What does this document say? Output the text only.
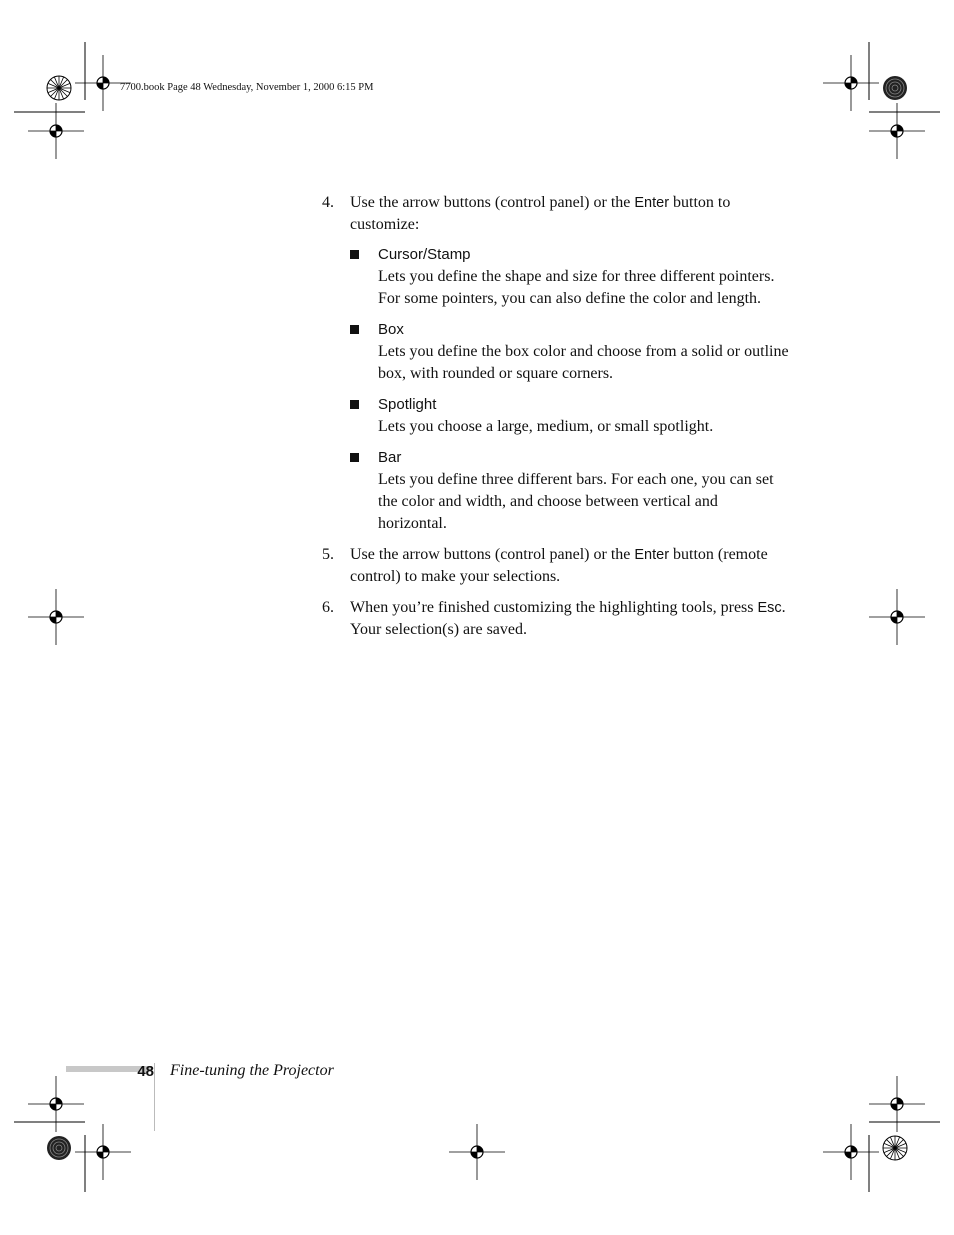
7700.book Page 48 Wednesday, November 1, 2000 6:15 PM
4. Use the arrow buttons (control panel) or the Enter button to customize:
Cursor/Stamp
Lets you define the shape and size for three different pointers. For some pointers, you can also define the color and length.
Box
Lets you define the box color and choose from a solid or outline box, with rounded or square corners.
Spotlight
Lets you choose a large, medium, or small spotlight.
Bar
Lets you define three different bars. For each one, you can set the color and width, and choose between vertical and horizontal.
5. Use the arrow buttons (control panel) or the Enter button (remote control) to make your selections.
6. When you’re finished customizing the highlighting tools, press Esc. Your selection(s) are saved.
48 Fine-tuning the Projector
